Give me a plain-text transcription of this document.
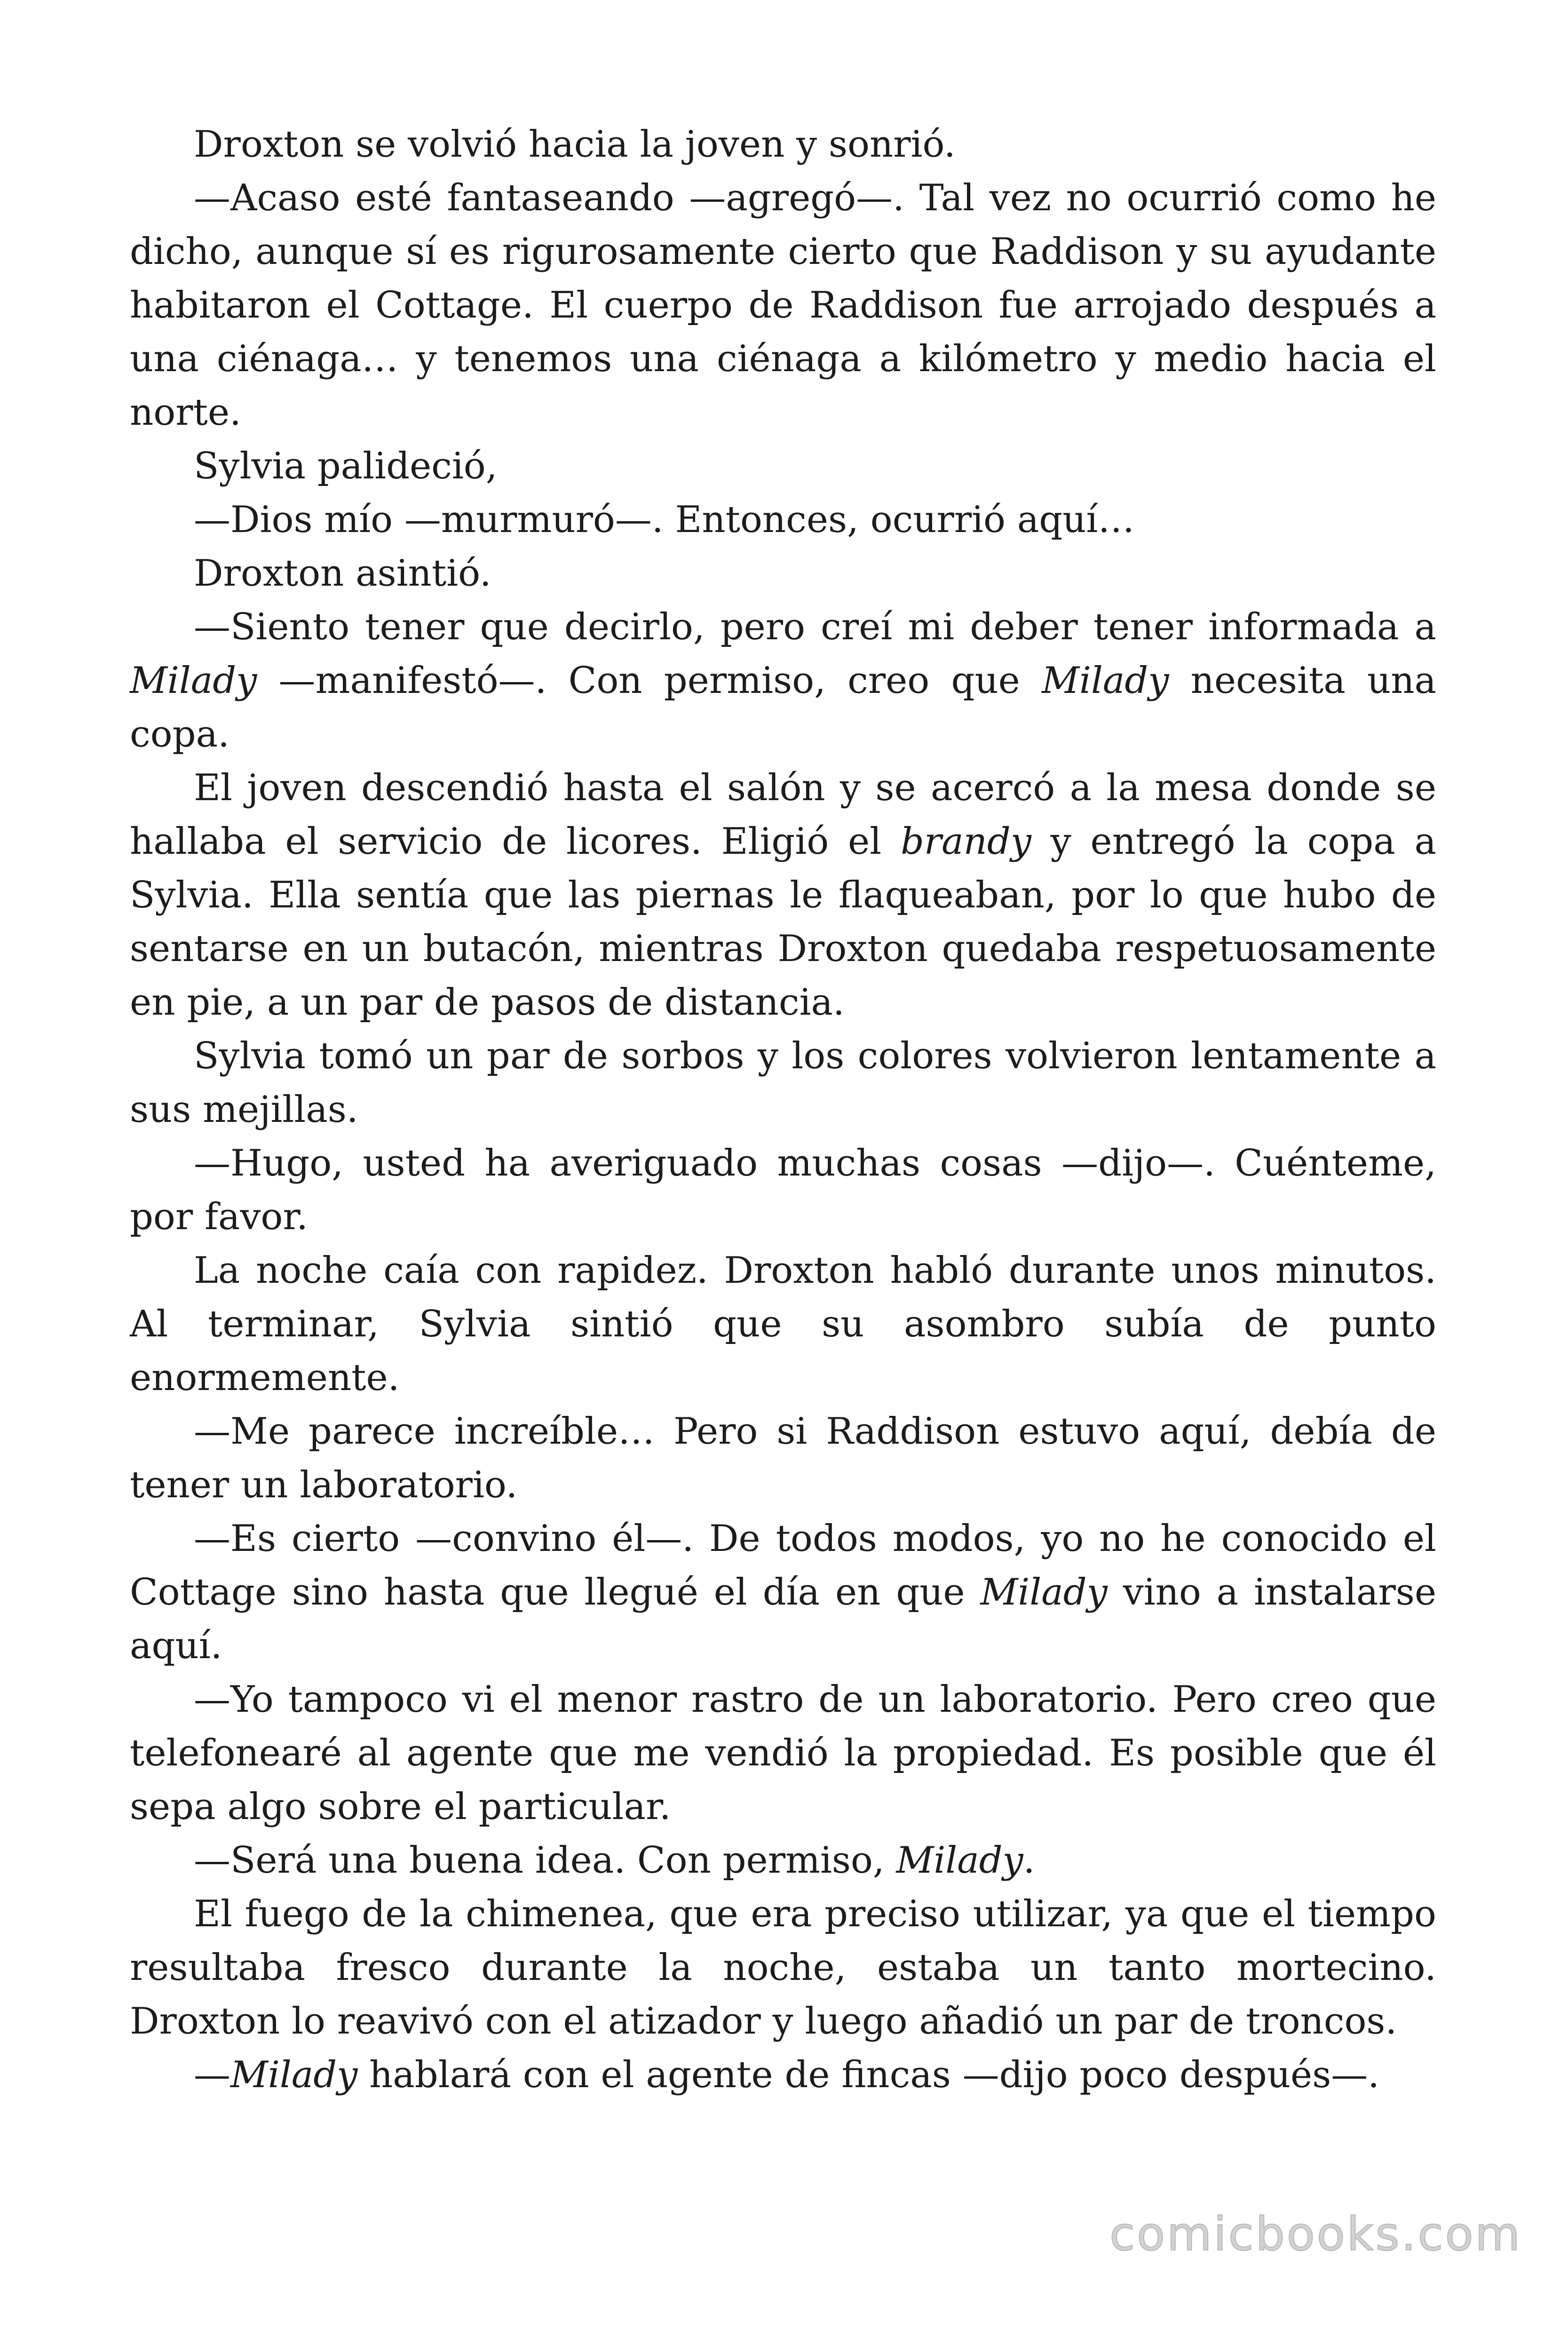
Droxton se volvió hacia la joven y sonrió.

—Acaso esté fantaseando —agregó—. Tal vez no ocurrió como he dicho, aunque sí es rigurosamente cierto que Raddison y su ayudante habitaron el Cottage. El cuerpo de Raddison fue arrojado después a una ciénaga… y tenemos una ciénaga a kilómetro y medio hacia el norte.

Sylvia palideció,

—Dios mío —murmuró—. Entonces, ocurrió aquí…

Droxton asintió.

—Siento tener que decirlo, pero creí mi deber tener informada a Milady —manifestó—. Con permiso, creo que Milady necesita una copa.

El joven descendió hasta el salón y se acercó a la mesa donde se hallaba el servicio de licores. Eligió el brandy y entregó la copa a Sylvia. Ella sentía que las piernas le flaqueaban, por lo que hubo de sentarse en un butacón, mientras Droxton quedaba respetuosamente en pie, a un par de pasos de distancia.

Sylvia tomó un par de sorbos y los colores volvieron lentamente a sus mejillas.

—Hugo, usted ha averiguado muchas cosas —dijo—. Cuénteme, por favor.

La noche caía con rapidez. Droxton habló durante unos minutos. Al terminar, Sylvia sintió que su asombro subía de punto enormemente.

—Me parece increíble… Pero si Raddison estuvo aquí, debía de tener un laboratorio.

—Es cierto —convino él—. De todos modos, yo no he conocido el Cottage sino hasta que llegué el día en que Milady vino a instalarse aquí.

—Yo tampoco vi el menor rastro de un laboratorio. Pero creo que telefonearé al agente que me vendió la propiedad. Es posible que él sepa algo sobre el particular.

—Será una buena idea. Con permiso, Milady.

El fuego de la chimenea, que era preciso utilizar, ya que el tiempo resultaba fresco durante la noche, estaba un tanto mortecino. Droxton lo reavivó con el atizador y luego añadió un par de troncos.

—Milady hablará con el agente de fincas —dijo poco después—.

comicbooks.com
